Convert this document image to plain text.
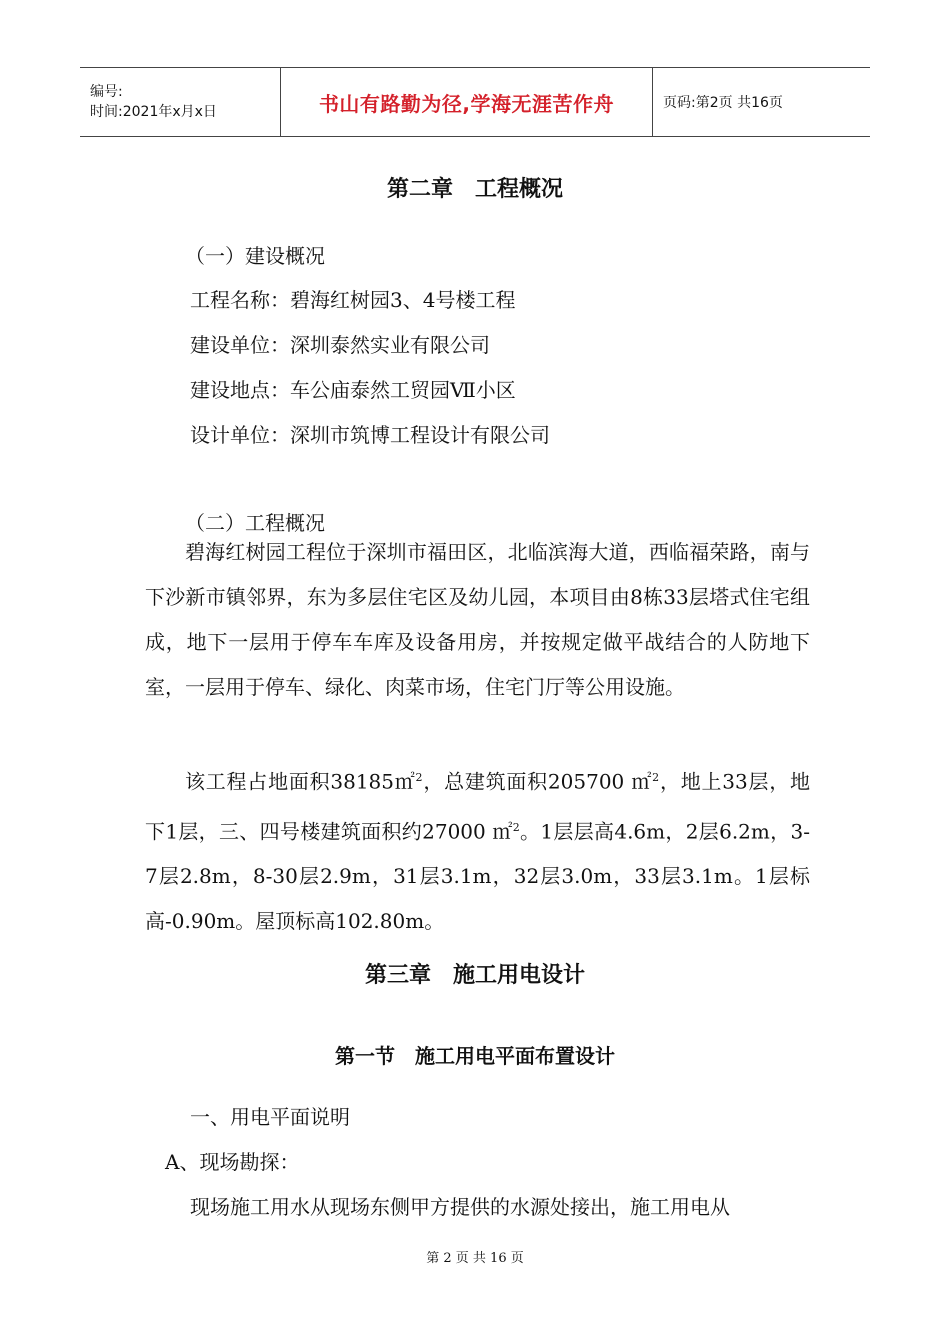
编号:
时间:2021年x月x日	书山有路勤为径,学海无涯苦作舟	页码:第2页 共16页
第二章　工程概况
（一）建设概况
工程名称：碧海红树园3、4号楼工程
建设单位：深圳泰然实业有限公司
建设地点：车公庙泰然工贸园Ⅶ小区
设计单位：深圳市筑博工程设计有限公司
（二）工程概况

碧海红树园工程位于深圳市福田区，北临滨海大道，西临福荣路，南与下沙新市镇邻界，东为多层住宅区及幼儿园，本项目由8栋33层塔式住宅组成，地下一层用于停车车库及设备用房，并按规定做平战结合的人防地下室，一层用于停车、绿化、肉菜市场，住宅门厅等公用设施。

该工程占地面积38185㎡$^2$，总建筑面积205700 ㎡$^2$，地上33层，地下1层，三、四号楼建筑面积约27000 ㎡$^2$。1层层高4.6m，2层6.2m，3-7层2.8m，8-30层2.9m，31层3.1m，32层3.0m，33层3.1m。1层标高-0.90m。屋顶标高102.80m。

第三章　施工用电设计
第一节　施工用电平面布置设计
一、用电平面说明
A、现场勘探：
现场施工用水从现场东侧甲方提供的水源处接出，施工用电从
第 2 页 共 16 页
